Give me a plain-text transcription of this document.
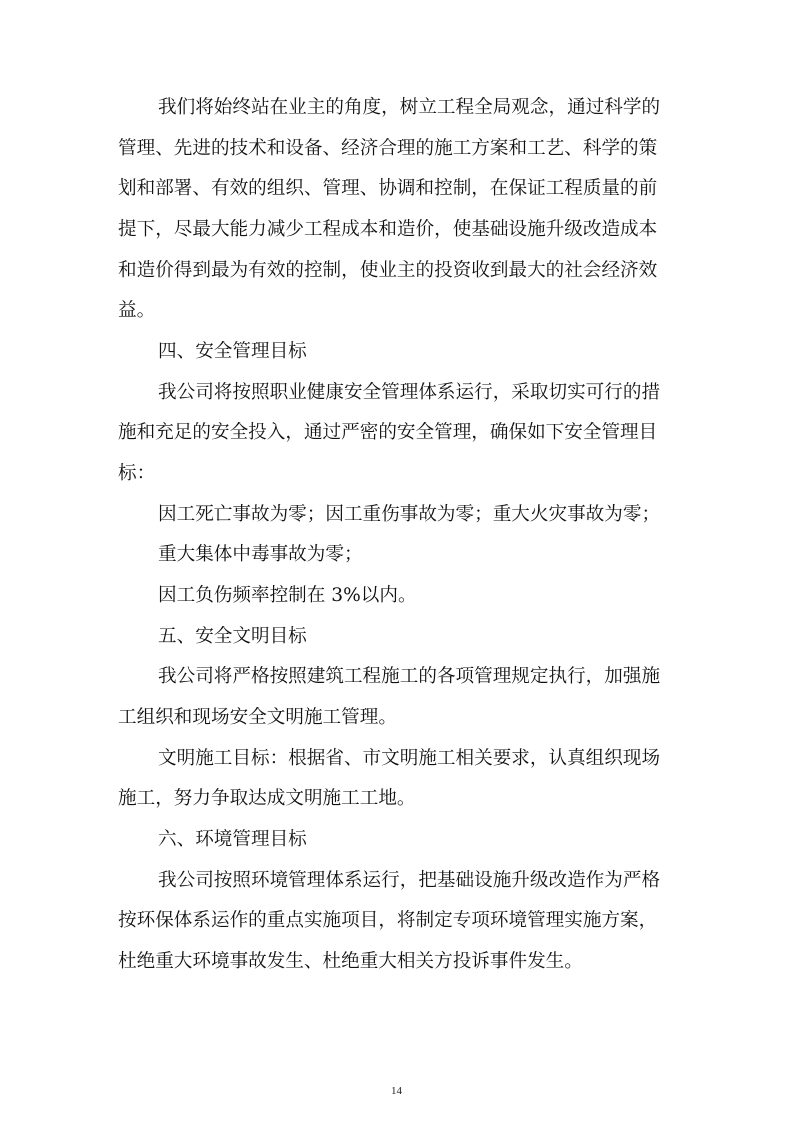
我们将始终站在业主的角度，树立工程全局观念，通过科学的

管理、先进的技术和设备、经济合理的施工方案和工艺、科学的策

划和部署、有效的组织、管理、协调和控制，在保证工程质量的前

提下，尽最大能力减少工程成本和造价，使基础设施升级改造成本

和造价得到最为有效的控制，使业主的投资收到最大的社会经济效

益。

四、安全管理目标

我公司将按照职业健康安全管理体系运行，采取切实可行的措

施和充足的安全投入，通过严密的安全管理，确保如下安全管理目

标：

因工死亡事故为零；因工重伤事故为零；重大火灾事故为零；

重大集体中毒事故为零；

因工负伤频率控制在 3%以内。

五、安全文明目标

我公司将严格按照建筑工程施工的各项管理规定执行，加强施

工组织和现场安全文明施工管理。

文明施工目标：根据省、市文明施工相关要求，认真组织现场

施工，努力争取达成文明施工工地。

六、环境管理目标

我公司按照环境管理体系运行，把基础设施升级改造作为严格

按环保体系运作的重点实施项目，将制定专项环境管理实施方案，

杜绝重大环境事故发生、杜绝重大相关方投诉事件发生。

14
